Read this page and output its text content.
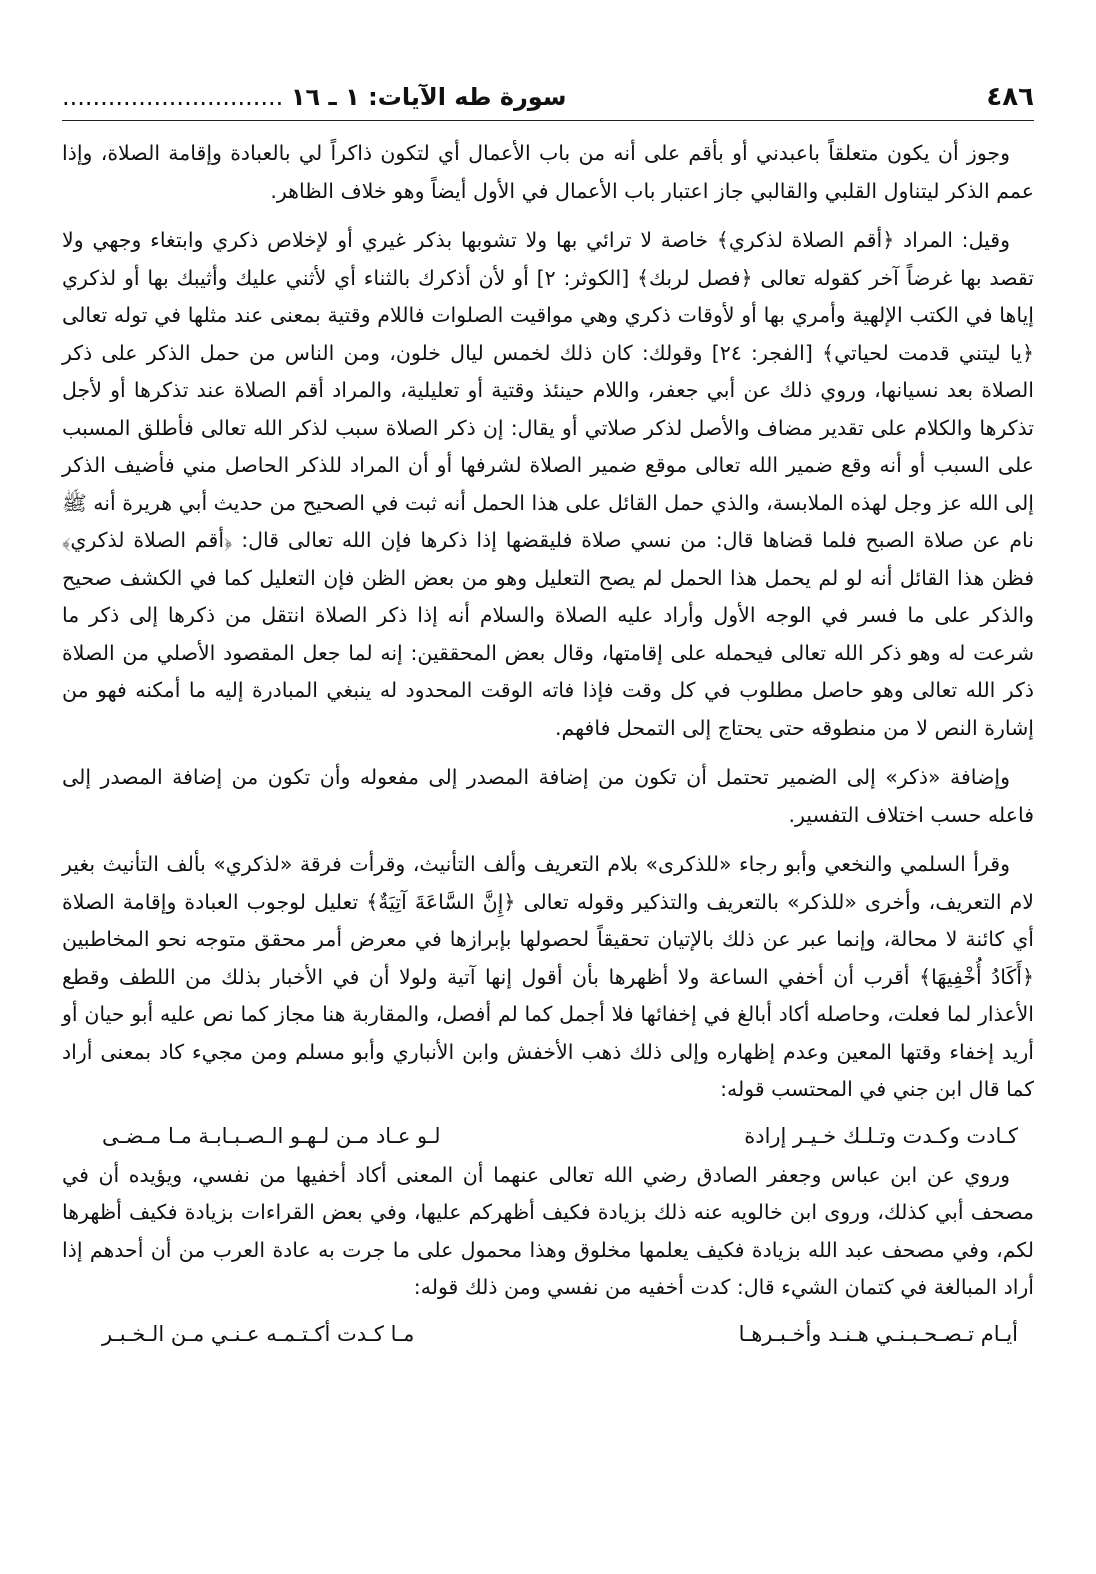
٤٨٦
سورة طه الآيات: ١ ـ ١٦ .....

وجوز أن يكون متعلقاً باعبدني أو بأقم على أنه من باب الأعمال أي لتكون ذاكراً لي بالعبادة وإقامة الصلاة، وإذا عمم الذكر ليتناول القلبي والقالبي جاز اعتبار باب الأعمال في الأول أيضاً وهو خلاف الظاهر.

وقيل: المراد ﴿أقم الصلاة لذكري﴾ خاصة لا ترائي بها ولا تشوبها بذكر غيري أو لإخلاص ذكري وابتغاء وجهي ولا تقصد بها غرضاً آخر كقوله تعالى ﴿فصل لربك﴾ [الكوثر: ٢] أو لأن أذكرك بالثناء أي لأثني عليك وأثيبك بها أو لذكري إياها في الكتب الإلهية وأمري بها أو لأوقات ذكري وهي مواقيت الصلوات فاللام وقتية بمعنى عند مثلها في توله تعالى ﴿يا ليتني قدمت لحياتي﴾ [الفجر: ٢٤] وقولك: كان ذلك لخمس ليال خلون، ومن الناس من حمل الذكر على ذكر الصلاة بعد نسيانها، وروي ذلك عن أبي جعفر، واللام حينئذ وقتية أو تعليلية، والمراد أقم الصلاة عند تذكرها أو لأجل تذكرها والكلام على تقدير مضاف والأصل لذكر صلاتي أو يقال: إن ذكر الصلاة سبب لذكر الله تعالى فأطلق المسبب على السبب أو أنه وقع ضمير الله تعالى موقع ضمير الصلاة لشرفها أو أن المراد للذكر الحاصل مني فأضيف الذكر إلى الله عز وجل لهذه الملابسة، والذي حمل القائل على هذا الحمل أنه ثبت في الصحيح من حديث أبي هريرة أنه ﷺ نام عن صلاة الصبح فلما قضاها قال: من نسي صلاة فليقضها إذا ذكرها فإن الله تعالى قال: ﴿أقم الصلاة لذكري﴾ فظن هذا القائل أنه لو لم يحمل هذا الحمل لم يصح التعليل وهو من بعض الظن فإن التعليل كما في الكشف صحيح والذكر على ما فسر في الوجه الأول وأراد عليه الصلاة والسلام أنه إذا ذكر الصلاة انتقل من ذكرها إلى ذكر ما شرعت له وهو ذكر الله تعالى فيحمله على إقامتها، وقال بعض المحققين: إنه لما جعل المقصود الأصلي من الصلاة ذكر الله تعالى وهو حاصل مطلوب في كل وقت فإذا فاته الوقت المحدود له ينبغي المبادرة إليه ما أمكنه فهو من إشارة النص لا من منطوقه حتى يحتاج إلى التمحل فافهم.

وإضافة «ذكر» إلى الضمير تحتمل أن تكون من إضافة المصدر إلى مفعوله وأن تكون من إضافة المصدر إلى فاعله حسب اختلاف التفسير.

وقرأ السلمي والنخعي وأبو رجاء «للذكرى» بلام التعريف وألف التأنيث، وقرأت فرقة «لذكري» بألف التأنيث بغير لام التعريف، وأخرى «للذكر» بالتعريف والتذكير وقوله تعالى ﴿إِنَّ السَّاعَةَ آتِيَةٌ﴾ تعليل لوجوب العبادة وإقامة الصلاة أي كائنة لا محالة، وإنما عبر عن ذلك بالإتيان تحقيقاً لحصولها بإبرازها في معرض أمر محقق متوجه نحو المخاطبين ﴿أَكَادُ أُخْفِيهَا﴾ أقرب أن أخفي الساعة ولا أظهرها بأن أقول إنها آتية ولولا أن في الأخبار بذلك من اللطف وقطع الأعذار لما فعلت، وحاصله أكاد أبالغ في إخفائها فلا أجمل كما لم أفصل، والمقاربة هنا مجاز كما نص عليه أبو حيان أو أريد إخفاء وقتها المعين وعدم إظهاره وإلى ذلك ذهب الأخفش وابن الأنباري وأبو مسلم ومن مجيء كاد بمعنى أراد كما قال ابن جني في المحتسب قوله:

كـادت وكـدت وتـلـك خـيـر إرادة
لـو عـاد مـن لـهـو الـصـبـابـة مـا مـضـى

وروي عن ابن عباس وجعفر الصادق رضي الله تعالى عنهما أن المعنى أكاد أخفيها من نفسي، ويؤيده أن في مصحف أبي كذلك، وروى ابن خالويه عنه ذلك بزيادة فكيف أظهركم عليها، وفي بعض القراءات بزيادة فكيف أظهرها لكم، وفي مصحف عبد الله بزيادة فكيف يعلمها مخلوق وهذا محمول على ما جرت به عادة العرب من أن أحدهم إذا أراد المبالغة في كتمان الشيء قال: كدت أخفيه من نفسي ومن ذلك قوله:

أيـام تـصـحـبـنـي هـنـد وأخـبـرهـا
مـا كـدت أكـتـمـه عـنـي مـن الـخـبـر
